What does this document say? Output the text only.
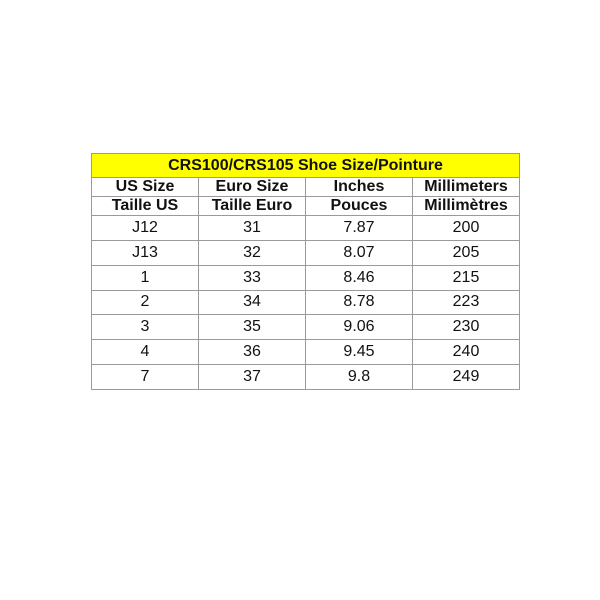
CRS100/CRS105 Shoe Size/Pointure			
US Size	Euro Size	Inches	Millimeters
Taille US	Taille Euro	Pouces	Millimètres
J12	31	7.87	200
J13	32	8.07	205
1	33	8.46	215
2	34	8.78	223
3	35	9.06	230
4	36	9.45	240
7	37	9.8	249
